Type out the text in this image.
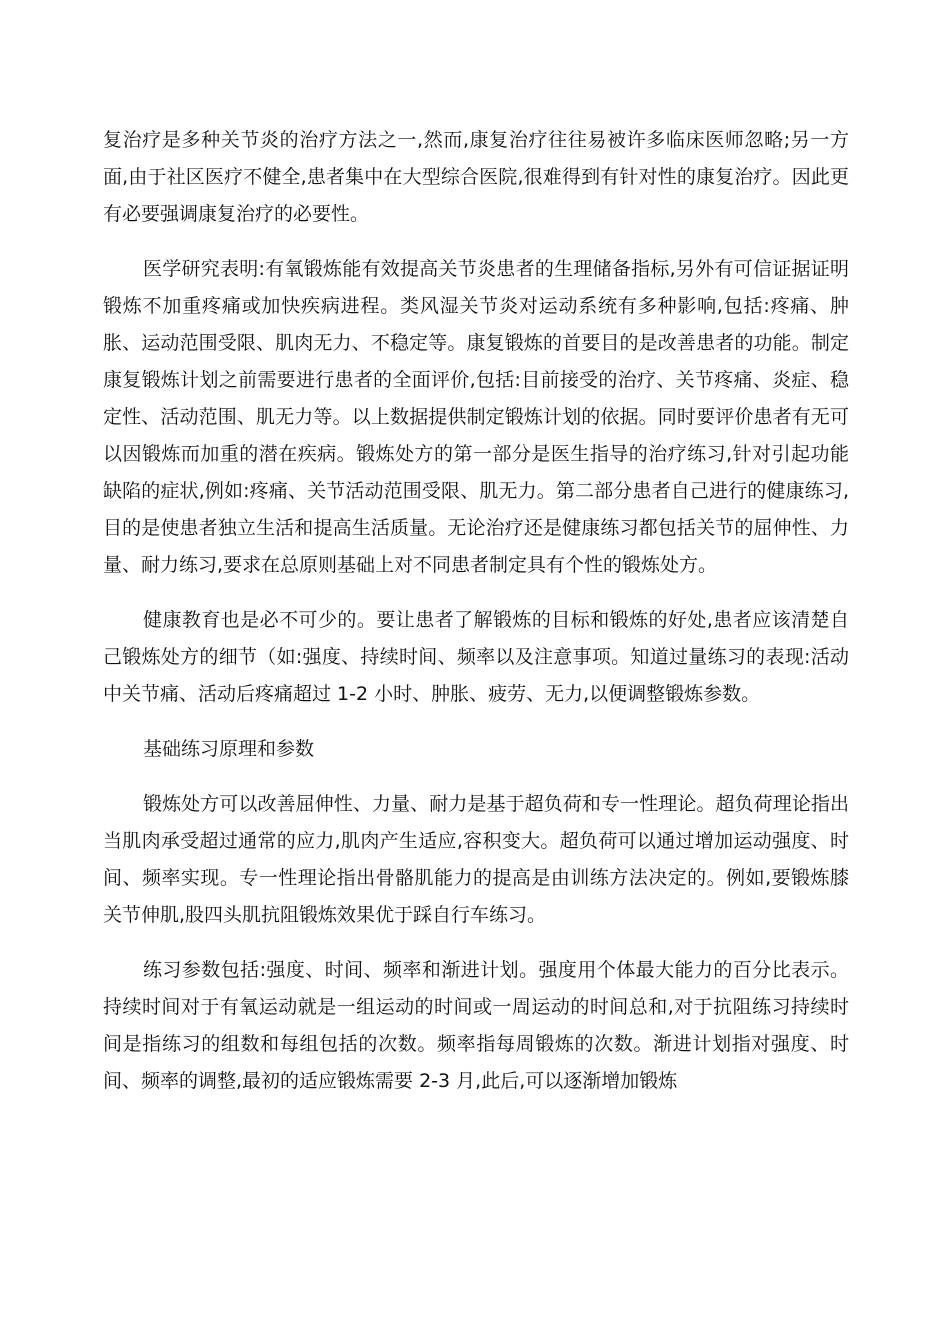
复治疗是多种关节炎的治疗方法之一,然而,康复治疗往往易被许多临床医师忽略;另一方面,由于社区医疗不健全,患者集中在大型综合医院,很难得到有针对性的康复治疗。因此更有必要强调康复治疗的必要性。

医学研究表明:有氧锻炼能有效提高关节炎患者的生理储备指标,另外有可信证据证明锻炼不加重疼痛或加快疾病进程。类风湿关节炎对运动系统有多种影响,包括:疼痛、肿胀、运动范围受限、肌肉无力、不稳定等。康复锻炼的首要目的是改善患者的功能。制定康复锻炼计划之前需要进行患者的全面评价,包括:目前接受的治疗、关节疼痛、炎症、稳定性、活动范围、肌无力等。以上数据提供制定锻炼计划的依据。同时要评价患者有无可以因锻炼而加重的潜在疾病。锻炼处方的第一部分是医生指导的治疗练习,针对引起功能缺陷的症状,例如:疼痛、关节活动范围受限、肌无力。第二部分患者自己进行的健康练习,目的是使患者独立生活和提高生活质量。无论治疗还是健康练习都包括关节的屈伸性、力量、耐力练习,要求在总原则基础上对不同患者制定具有个性的锻炼处方。

健康教育也是必不可少的。要让患者了解锻炼的目标和锻炼的好处,患者应该清楚自己锻炼处方的细节（如:强度、持续时间、频率以及注意事项。知道过量练习的表现:活动中关节痛、活动后疼痛超过 1-2 小时、肿胀、疲劳、无力,以便调整锻炼参数。

基础练习原理和参数

锻炼处方可以改善屈伸性、力量、耐力是基于超负荷和专一性理论。超负荷理论指出当肌肉承受超过通常的应力,肌肉产生适应,容积变大。超负荷可以通过增加运动强度、时间、频率实现。专一性理论指出骨骼肌能力的提高是由训练方法决定的。例如,要锻炼膝关节伸肌,股四头肌抗阻锻炼效果优于踩自行车练习。

练习参数包括:强度、时间、频率和渐进计划。强度用个体最大能力的百分比表示。持续时间对于有氧运动就是一组运动的时间或一周运动的时间总和,对于抗阻练习持续时间是指练习的组数和每组包括的次数。频率指每周锻炼的次数。渐进计划指对强度、时间、频率的调整,最初的适应锻炼需要 2-3 月,此后,可以逐渐增加锻炼
